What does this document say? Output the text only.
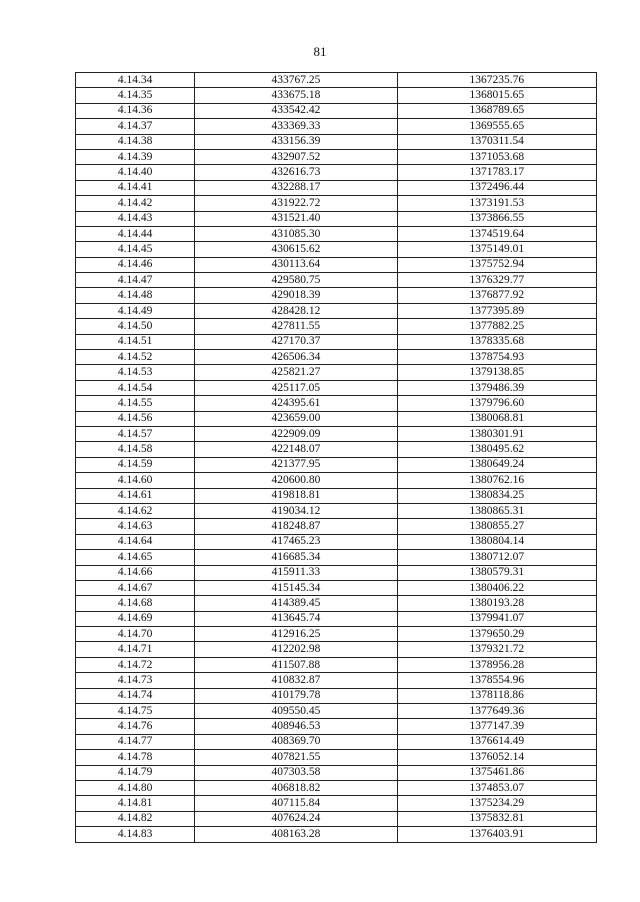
81
4.14.34	433767.25	1367235.76
4.14.35	433675.18	1368015.65
4.14.36	433542.42	1368789.65
4.14.37	433369.33	1369555.65
4.14.38	433156.39	1370311.54
4.14.39	432907.52	1371053.68
4.14.40	432616.73	1371783.17
4.14.41	432288.17	1372496.44
4.14.42	431922.72	1373191.53
4.14.43	431521.40	1373866.55
4.14.44	431085.30	1374519.64
4.14.45	430615.62	1375149.01
4.14.46	430113.64	1375752.94
4.14.47	429580.75	1376329.77
4.14.48	429018.39	1376877.92
4.14.49	428428.12	1377395.89
4.14.50	427811.55	1377882.25
4.14.51	427170.37	1378335.68
4.14.52	426506.34	1378754.93
4.14.53	425821.27	1379138.85
4.14.54	425117.05	1379486.39
4.14.55	424395.61	1379796.60
4.14.56	423659.00	1380068.81
4.14.57	422909.09	1380301.91
4.14.58	422148.07	1380495.62
4.14.59	421377.95	1380649.24
4.14.60	420600.80	1380762.16
4.14.61	419818.81	1380834.25
4.14.62	419034.12	1380865.31
4.14.63	418248.87	1380855.27
4.14.64	417465.23	1380804.14
4.14.65	416685.34	1380712.07
4.14.66	415911.33	1380579.31
4.14.67	415145.34	1380406.22
4.14.68	414389.45	1380193.28
4.14.69	413645.74	1379941.07
4.14.70	412916.25	1379650.29
4.14.71	412202.98	1379321.72
4.14.72	411507.88	1378956.28
4.14.73	410832.87	1378554.96
4.14.74	410179.78	1378118.86
4.14.75	409550.45	1377649.36
4.14.76	408946.53	1377147.39
4.14.77	408369.70	1376614.49
4.14.78	407821.55	1376052.14
4.14.79	407303.58	1375461.86
4.14.80	406818.82	1374853.07
4.14.81	407115.84	1375234.29
4.14.82	407624.24	1375832.81
4.14.83	408163.28	1376403.91
